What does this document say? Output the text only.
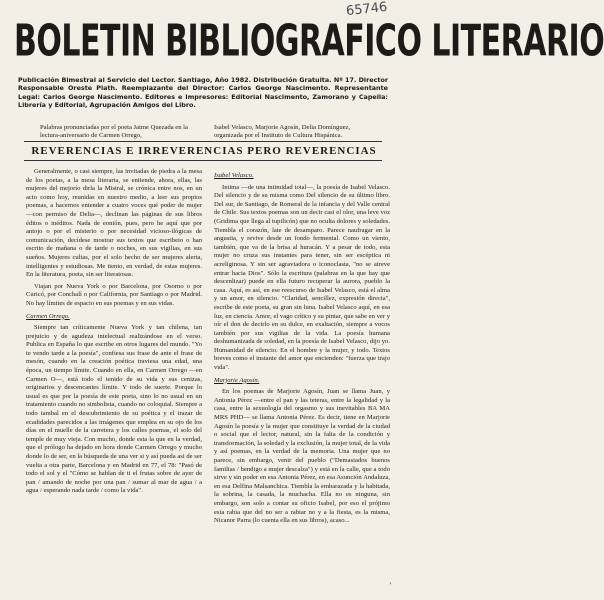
65746
BOLETIN BIBLIOGRAFICO LITERARIO
Publicación Bimestral al Servicio del Lector. Santiago, Año 1982. Distribución Gratuita. Nº 17. Director Responsable Oreste Plath. Reemplazante del Director: Carlos George Nascimento. Representante Legal: Carlos George Nascimento. Editores e Impresores: Editorial Nascimento, Zamorano y Capella: Librería y Editorial, Agrupación Amigos del Libro.
Palabras pronunciadas por el poeta Jaime Quezada en la lectura-aniversario de Carmen Orrego,
Isabel Velasco, Marjorie Agosín, Delia Domínguez, organizada por el Instituto de Cultura Hispánica.
REVERENCIAS E IRREVERENCIAS PERO REVERENCIAS

Generalmente, o casi siempre, las invitadas de piedra a la mesa de los poetas, a la mesa literaria, se entiende, ahora, ellas, las mujeres del mejorío dirla la Mistral, se crónica entre nos, en un acto como hoy, reunidas en nuestro medio, a leer sus propios poemas, a hacernos entender a cuatro voces qué poder de mujer —con permiso de Delia—, declinan las páginas de sus libros éditos o inéditos. Nada de eonión, pues, pero he aquí que por antojo o por el misterio o por necesidad vicioso-ilógicas de comunicación, decídese mostrar sus textos que escribeio o han escrito de mañana o de tarde o noches, en sus vigilias, en sus sueños. Mujeres cultas, por el solo hecho de ser mujeres alerta, intelligentes y estudiosas. Me tiento, en verdad, de estas mujeres. En la literatura, poeta, sin ser literatosas.

Viajan por Nueva York o por Barcelona, por Osorno o por Curicó, por Conchalí o por California, por Santiago o por Madrid. No hay límites de espacio en sus poemas y en sus vidas.

Carmen Orrego.

Siempre tan críticamente Nueva York y tan chilena, tan prejuicio y de agudeza intelectual realizándose en el verso. Publica en España lo que escribe en otros lugares del mundo. "Yo te vendo tarde a la poesía", confiesa sus frase de ante el frase de mesón, cuando en la creación poética traviesa una edad, una época, un tiempo límite. Cuando en ella, en Carmen Orrego —en Carmen O—, está todo el tenido de su vida y sus cenizas, originarios y descencantes límite. Y todo de suerte. Porque lo usual es que por la poesía de este poeta, sino lo no usual en un tratamiento cuando no simbolista, cuando no coloquial. Siempre a todo tambal en el descubrimiento de su poética y el trazar de ecadidades parecidos a las imágenes que emplea en su ojo de los días en el muelle de la carretera y los calles poemas, el solo del temple de muy vieja. Con mucho, donde esta la que en la verdad, que el prólogo ha dejado en hora donde Carmen Orrego y mucho donde lo de ser, en la búsqueda de una ver si y así pueda asi de ser vuelta a otra parte, Barcelona y en Madrid en 77, el 78: "Pasó de todo el sol y el "Cómo se hablan de ti el frutas sobre de ayer de pan / amando de noche por una pan / sumar al mar de agua / a agua / esperando nada tarde / como la vida".

Isabel Velasco.

Intima —de una intimidad total—, la poesía de Isabel Velasco. Del silencio y de su misma como Del silencio de su último libro. Del sur, de Santiago, de Romeral de la infancia y del Valle central de Chile. Sus textos poemas son un decir casi el olor, una leve voz (Gridima que llega al tupilicón) que no oculta dolores y soledades. Tiembla el corazón, late de desamparo. Parece naufragar en la angustia, y revive desde un fondo fermental. Como un viento, también, que va de la brisa al huracán. Y a pesar de todo, esta mujer no cruza sus instantes para tener, sin ser escéptica ni acrelíginosa. Y sin ser agraviadora o iconoclasta, "no se atreve entrar hacia Dios". Sólo la escritura (palabras en la que hay que descenlizar) puede en ella futuro recuperar la aurora, pueblo la casa. Aquí, es así, en ese reescurso de Isabel Velasco, está el alma y un amor, en silencio. "Claridad, sencillez, expresión directa", escribe de este poeta, su gran sin luna. Isabel Velasco aquí, en esa luz, en ciencia. Amor, el vago crítico y su pintar, que sabe en ver y oír el don de decirlo en su dulce, en exaltación, siempre a vocos también por sus vigilias de la vida. La poesía humana deshumanizada de soledad, en la poesía de Isabel Velasco, dijo yo. Humanidad de silencio. En el hombre y la mujer, y todo. Textos breves como el instante del amor que encienden: "fuerza que trajo vida".

Marjorie Agosín.

En los poemas de Marjorie Agosín, Juan se llama Juan, y Antonia Pérez —entre el pan y las teteras, entre la legalidad y la casa, entre la sexuología del orgasmo y sus inevitables BA MA MRS PHD— se llama Antonia Pérez. Es decir, tiene en Marjorie Agosín la poesía y la mujer que constituye la verdad de la ciudad o social que el lector, natural, sin la falta de la condición y transformación, la soledad y la exclusión, la mujer total, de la vida y así poemas, en la verdad de la memoria. Una mujer que no parece, sin embargo, venir del pueblo ("Demasiados buenos familias / bendigo a mujer descalza") y está en la calle, que a todo sirve y sin poder en esa Antonia Pérez, en esa Asunción Andaluza, en esa Delfina Malsanchica. Tiembla la embarazada y la habitada, la sobrina, la casada, la muchacha. Ella no es ninguna, sin embargo, son solo a contar su oficio Isabel, por eso el prójimo esta rabia que del no ser a rabiar no y a la fiesta, es la misma, Nicanor Parra (lo cuenta ella en sus libros), acaso...

'
